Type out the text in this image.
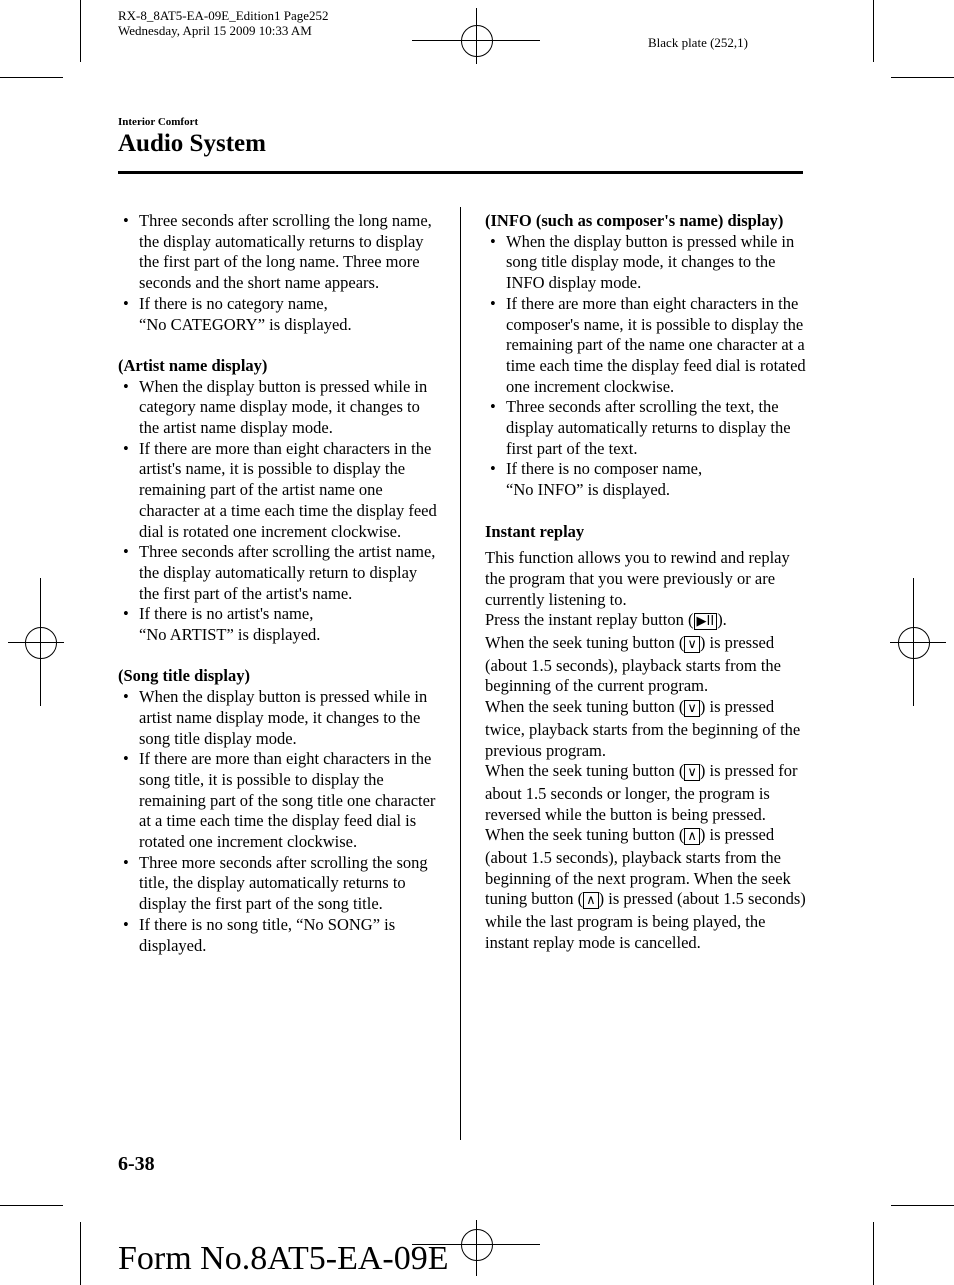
RX-8_8AT5-EA-09E_Edition1 Page252
Wednesday, April 15 2009 10:33 AM
Black plate (252,1)
Interior Comfort
Audio System
• Three seconds after scrolling the long name, the display automatically returns to display the first part of the long name. Three more seconds and the short name appears.
• If there is no category name,
“No CATEGORY” is displayed.
(Artist name display)
• When the display button is pressed while in category name display mode, it changes to the artist name display mode.
• If there are more than eight characters in the artist's name, it is possible to display the remaining part of the artist name one character at a time each time the display feed dial is rotated one increment clockwise.
• Three seconds after scrolling the artist name, the display automatically return to display the first part of the artist's name.
• If there is no artist's name,
“No ARTIST” is displayed.
(Song title display)
• When the display button is pressed while in artist name display mode, it changes to the song title display mode.
• If there are more than eight characters in the song title, it is possible to display the remaining part of the song title one character at a time each time the display feed dial is rotated one increment clockwise.
• Three more seconds after scrolling the song title, the display automatically returns to display the first part of the song title.
• If there is no song title, “No SONG” is displayed.
(INFO (such as composer's name) display)
• When the display button is pressed while in song title display mode, it changes to the INFO display mode.
• If there are more than eight characters in the composer's name, it is possible to display the remaining part of the name one character at a time each time the display feed dial is rotated one increment clockwise.
• Three seconds after scrolling the text, the display automatically returns to display the first part of the text.
• If there is no composer name,
“No INFO” is displayed.
Instant replay

This function allows you to rewind and replay the program that you were previously or are currently listening to.

Press the instant replay button ( ▶II ).

When the seek tuning button ( ∨ ) is pressed (about 1.5 seconds), playback starts from the beginning of the current program.

When the seek tuning button ( ∨ ) is pressed twice, playback starts from the beginning of the previous program.

When the seek tuning button ( ∨ ) is pressed for about 1.5 seconds or longer, the program is reversed while the button is being pressed.

When the seek tuning button ( ∧ ) is pressed (about 1.5 seconds), playback starts from the beginning of the next program. When the seek tuning button ( ∧ ) is pressed (about 1.5 seconds) while the last program is being played, the instant replay mode is cancelled.

6-38
Form No.8AT5-EA-09E
